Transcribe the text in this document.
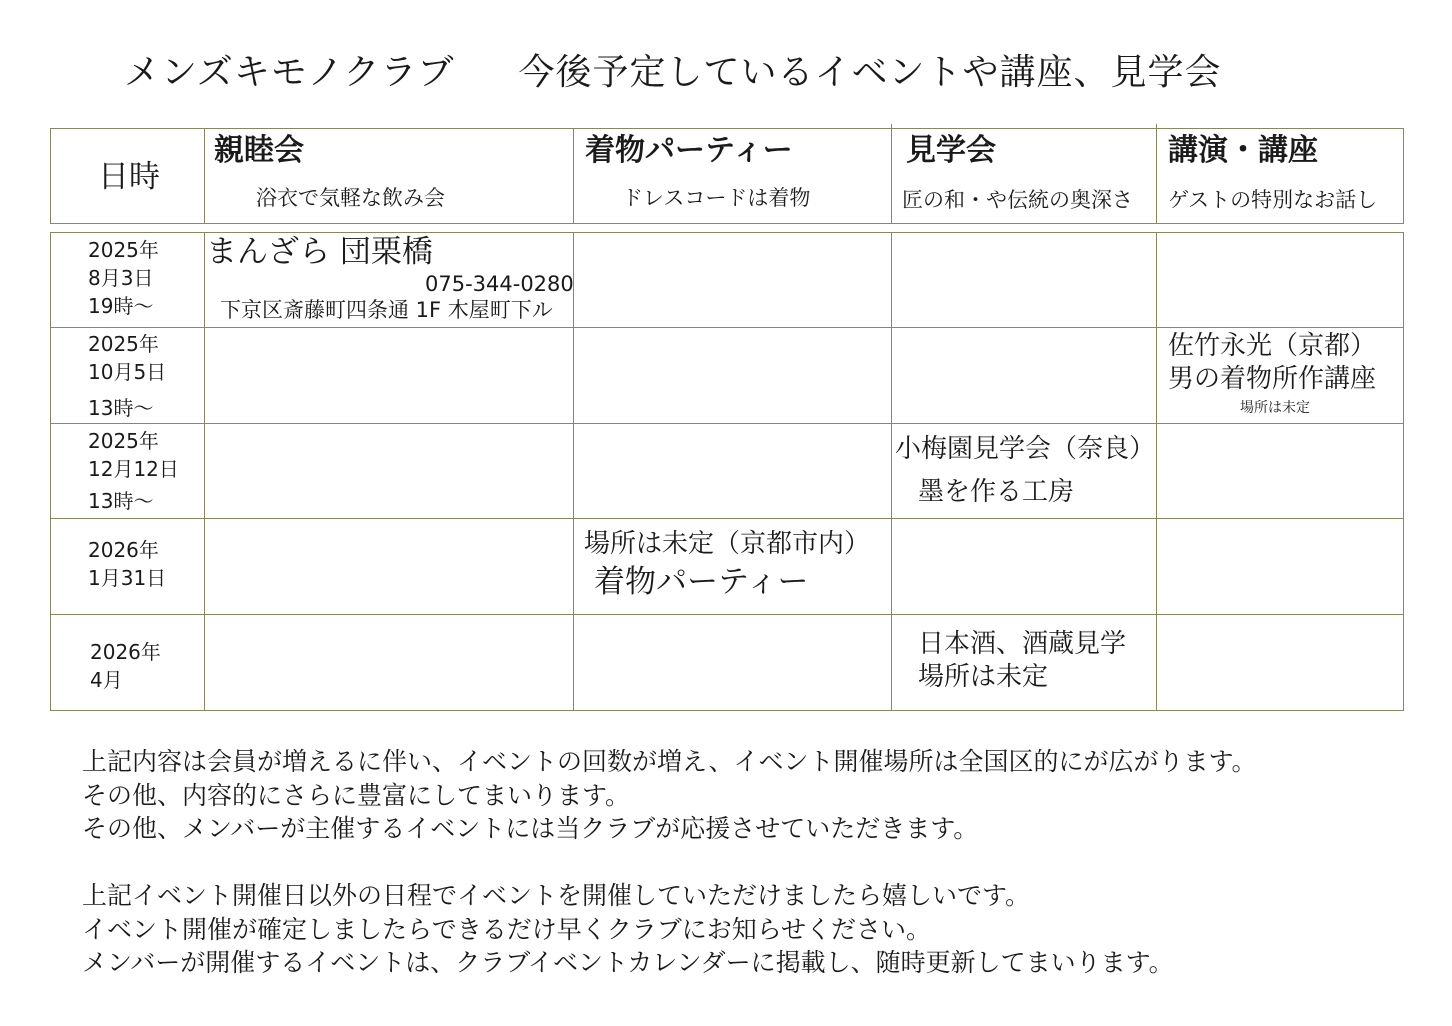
メンズキモノクラブ 今後予定しているイベントや講座、見学会
日時
親睦会
浴衣で気軽な飲み会
着物パーティー
ドレスコードは着物
見学会
匠の和・や伝統の奥深さ
講演・講座
ゲストの特別なお話し
2025年
8月3日
19時〜
2025年
10月5日
13時〜
2025年
12月12日
13時〜
2026年
1月31日
2026年
4月
まんざら 団栗橋
075-344-0280
下京区斎藤町四条通 1F 木屋町下ル
佐竹永光（京都）
男の着物所作講座
場所は未定
小梅園見学会（奈良）
墨を作る工房
場所は未定（京都市内）
着物パーティー
日本酒、酒蔵見学
場所は未定
上記内容は会員が増えるに伴い、イベントの回数が増え、イベント開催場所は全国区的にが広がります。
その他、内容的にさらに豊富にしてまいります。
その他、メンバーが主催するイベントには当クラブが応援させていただきます。
上記イベント開催日以外の日程でイベントを開催していただけましたら嬉しいです。
イベント開催が確定しましたらできるだけ早くクラブにお知らせください。
メンバーが開催するイベントは、クラブイベントカレンダーに掲載し、随時更新してまいります。
